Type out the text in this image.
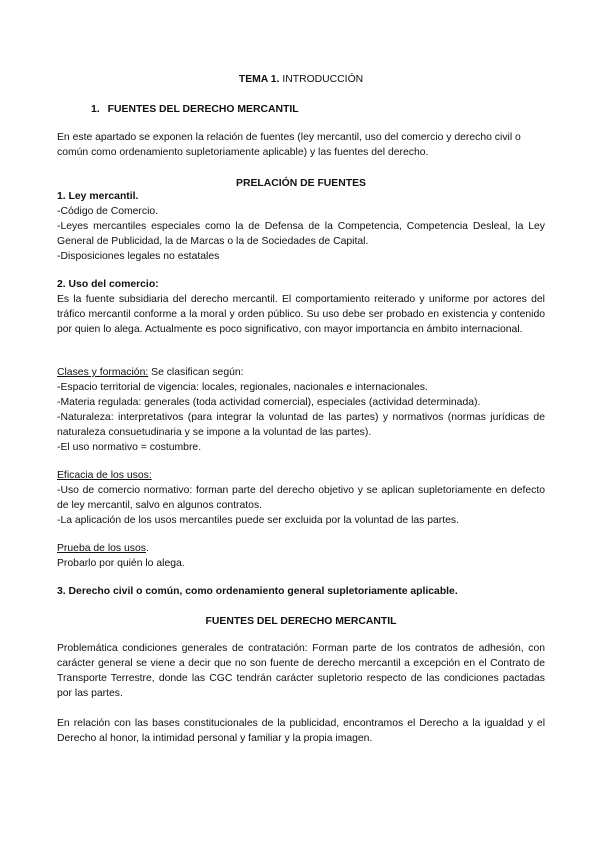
TEMA 1. INTRODUCCIÓN
1. FUENTES DEL DERECHO MERCANTIL

En este apartado se exponen la relación de fuentes (ley mercantil, uso del comercio y derecho civil o común como ordenamiento supletoriamente aplicable) y las fuentes del derecho.

PRELACIÓN DE FUENTES
1. Ley mercantil.
-Código de Comercio.
-Leyes mercantiles especiales como la de Defensa de la Competencia, Competencia Desleal, la Ley General de Publicidad, la de Marcas o la de Sociedades de Capital.
-Disposiciones legales no estatales
2. Uso del comercio:
Es la fuente subsidiaria del derecho mercantil. El comportamiento reiterado y uniforme por actores del tráfico mercantil conforme a la moral y orden público. Su uso debe ser probado en existencia y contenido por quien lo alega. Actualmente es poco significativo, con mayor importancia en ámbito internacional.
Clases y formación: Se clasifican según:
-Espacio territorial de vigencia: locales, regionales, nacionales e internacionales.
-Materia regulada: generales (toda actividad comercial), especiales (actividad determinada).
-Naturaleza: interpretativos (para integrar la voluntad de las partes) y normativos (normas jurídicas de naturaleza consuetudinaria y se impone a la voluntad de las partes).
-El uso normativo = costumbre.
Eficacia de los usos:
-Uso de comercio normativo: forman parte del derecho objetivo y se aplican supletoriamente en defecto de ley mercantil, salvo en algunos contratos.
-La aplicación de los usos mercantiles puede ser excluida por la voluntad de las partes.
Prueba de los usos.
Probarlo por quién lo alega.
3. Derecho civil o común, como ordenamiento general supletoriamente aplicable.
FUENTES DEL DERECHO MERCANTIL

Problemática condiciones generales de contratación: Forman parte de los contratos de adhesión, con carácter general se viene a decir que no son fuente de derecho mercantil a excepción en el Contrato de Transporte Terrestre, donde las CGC tendrán carácter supletorio respecto de las condiciones pactadas por las partes.

En relación con las bases constitucionales de la publicidad, encontramos el Derecho a la igualdad y el Derecho al honor, la intimidad personal y familiar y la propia imagen.
